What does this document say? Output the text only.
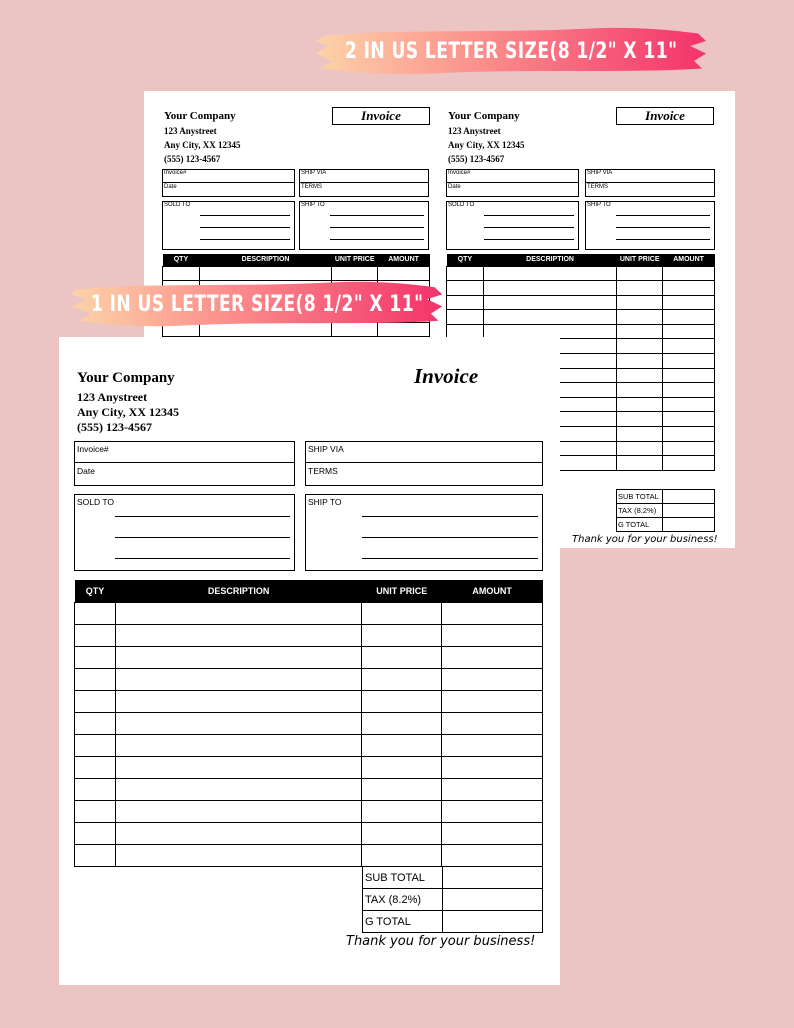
2 IN US LETTER SIZE(8 1/2" X 11"
Your Company
123 Anystreet
Any City, XX 12345
(555) 123-4567
Invoice
Invoice#
Date
SHIP VIA
TERMS
SOLD TO	SHIP TO
QTY	DESCRIPTION	UNIT PRICE	AMOUNT

Your Company
123 Anystreet
Any City, XX 12345
(555) 123-4567
Invoice
Invoice#
Date
SHIP VIA
TERMS
SOLD TO	SHIP TO
QTY	DESCRIPTION	UNIT PRICE	AMOUNT

SUB TOTAL	
TAX (8.2%)	
G TOTAL	
Thank you for your business!
1 IN US LETTER SIZE(8 1/2" X 11"
Your Company
123 Anystreet
Any City, XX 12345
(555) 123-4567
Invoice
Invoice#
Date
SHIP VIA
TERMS
SOLD TO	SHIP TO
QTY	DESCRIPTION	UNIT PRICE	AMOUNT

SUB TOTAL	
TAX (8.2%)	
G TOTAL	
Thank you for your business!
